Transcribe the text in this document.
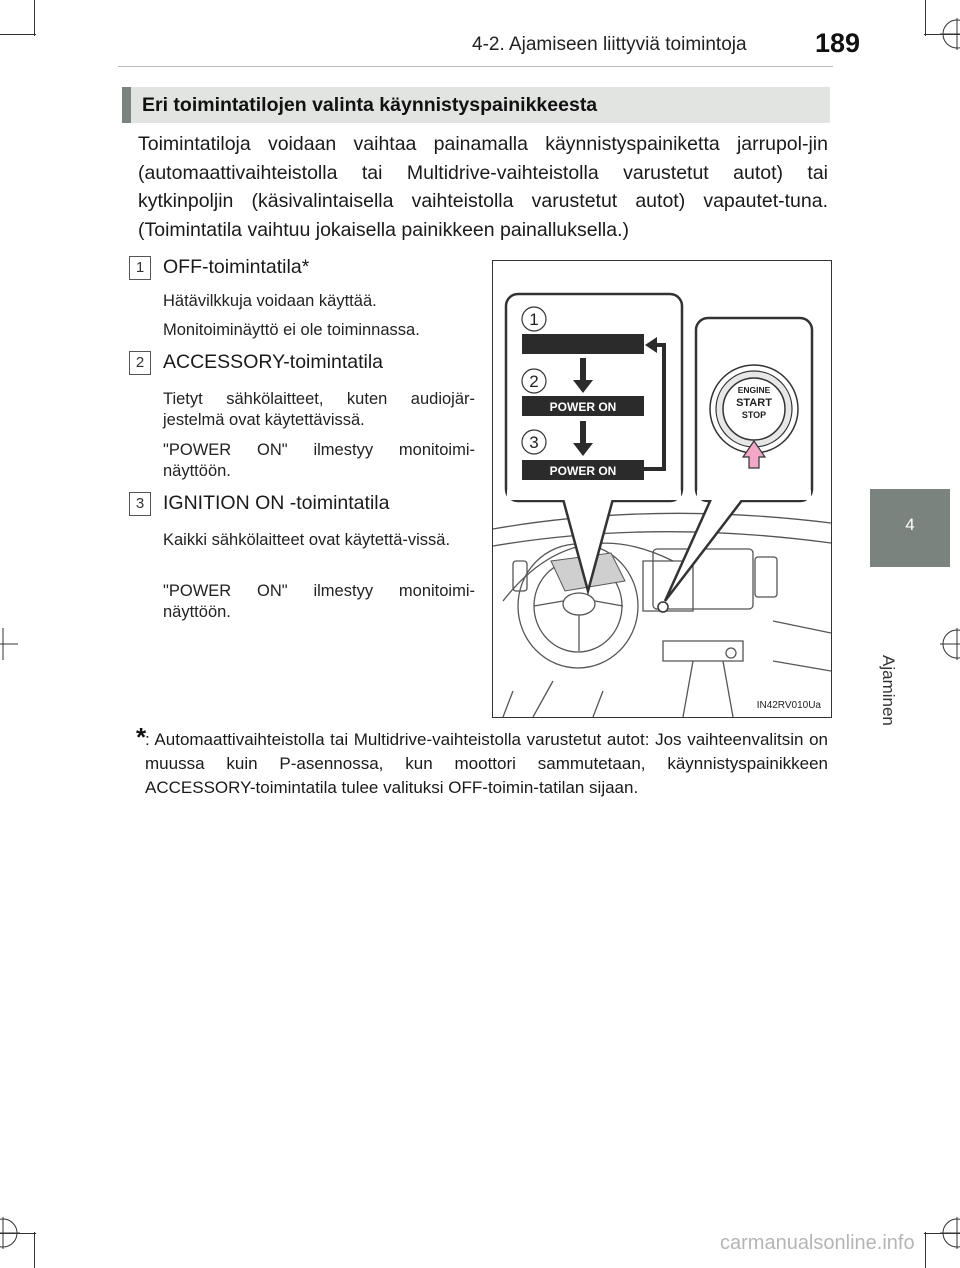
4-2. Ajamiseen liittyviä toimintoja	189
4
Ajaminen
Eri toimintatilojen valinta käynnistyspainikkeesta
Toimintatiloja voidaan vaihtaa painamalla käynnistyspainiketta jarrupol-jin (automaattivaihteistolla tai Multidrive-vaihteistolla varustetut autot) tai kytkinpoljin (käsivalintaisella vaihteistolla varustetut autot) vapautet-tuna. (Toimintatila vaihtuu jokaisella painikkeen painalluksella.)
1 OFF-toimintatila*
Hätävilkkuja voidaan käyttää.
Monitoiminäyttö ei ole toiminnassa.
2 ACCESSORY-toimintatila
Tietyt sähkölaitteet, kuten audiojär-jestelmä ovat käytettävissä.
"POWER ON" ilmestyy monitoimi-näyttöön.
3 IGNITION ON -toimintatila
Kaikki sähkölaitteet ovat käytettä-vissä.
"POWER ON" ilmestyy monitoimi-näyttöön.
1
2
3
POWER ON
POWER ON
ENGINE
START
STOP
IN42RV010Ua
*
: Automaattivaihteistolla tai Multidrive-vaihteistolla varustetut autot: Jos vaihteenvalitsin on muussa kuin P-asennossa, kun moottori sammutetaan, käynnistyspainikkeen ACCESSORY-toimintatila tulee valituksi OFF-toimin-tatilan sijaan.
carmanualsonline.info
